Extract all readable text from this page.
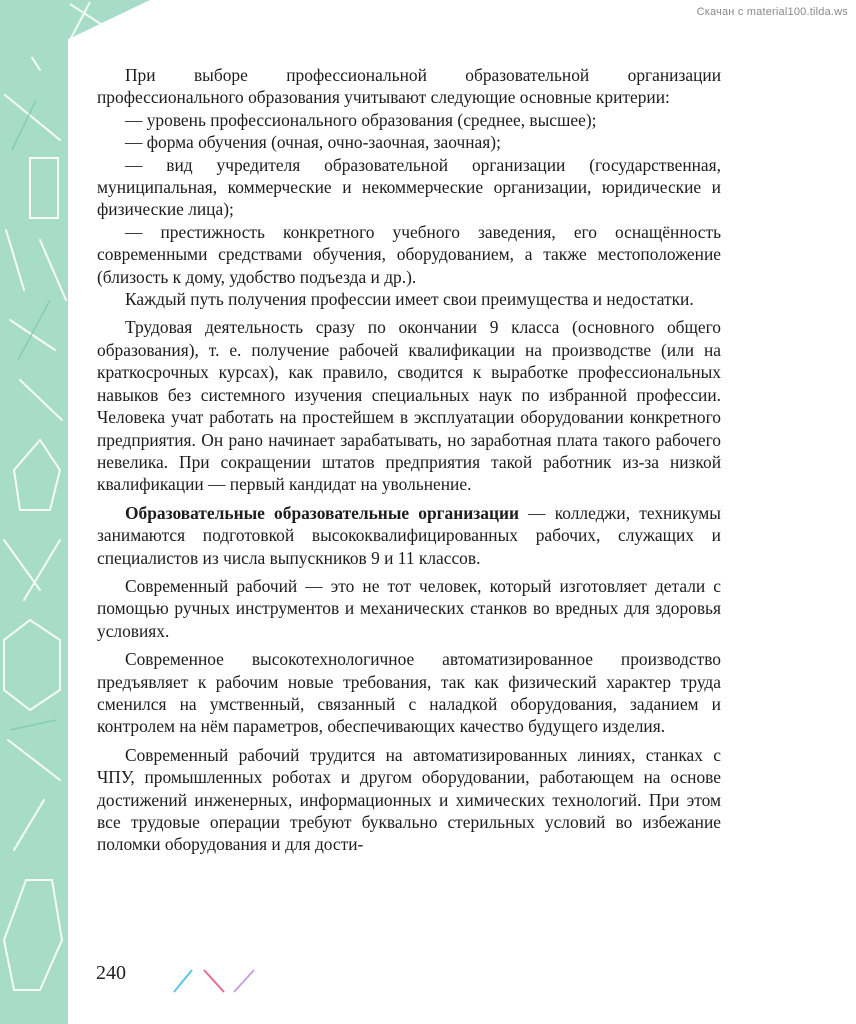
Скачан с material100.tilda.ws

При выборе профессиональной образовательной организации профессионального образования учитывают следующие основные критерии:

— уровень профессионального образования (среднее, высшее);

— форма обучения (очная, очно-заочная, заочная);

— вид учредителя образовательной организации (государственная, муниципальная, коммерческие и некоммерческие организации, юридические и физические лица);

— престижность конкретного учебного заведения, его оснащённость современными средствами обучения, оборудованием, а также местоположение (близость к дому, удобство подъезда и др.).

Каждый путь получения профессии имеет свои преимущества и недостатки.

Трудовая деятельность сразу по окончании 9 класса (основного общего образования), т. е. получение рабочей квалификации на производстве (или на краткосрочных курсах), как правило, сводится к выработке профессиональных навыков без системного изучения специальных наук по избранной профессии. Человека учат работать на простейшем в эксплуатации оборудовании конкретного предприятия. Он рано начинает зарабатывать, но заработная плата такого рабочего невелика. При сокращении штатов предприятия такой работник из-за низкой квалификации — первый кандидат на увольнение.

Образовательные образовательные организации — колледжи, техникумы занимаются подготовкой высококвалифицированных рабочих, служащих и специалистов из числа выпускников 9 и 11 классов.

Современный рабочий — это не тот человек, который изготовляет детали с помощью ручных инструментов и механических станков во вредных для здоровья условиях.

Современное высокотехнологичное автоматизированное производство предъявляет к рабочим новые требования, так как физический характер труда сменился на умственный, связанный с наладкой оборудования, заданием и контролем на нём параметров, обеспечивающих качество будущего изделия.

Современный рабочий трудится на автоматизированных линиях, станках с ЧПУ, промышленных роботах и другом оборудовании, работающем на основе достижений инженерных, информационных и химических технологий. При этом все трудовые операции требуют буквально стерильных условий во избежание поломки оборудования и для дости-

240
